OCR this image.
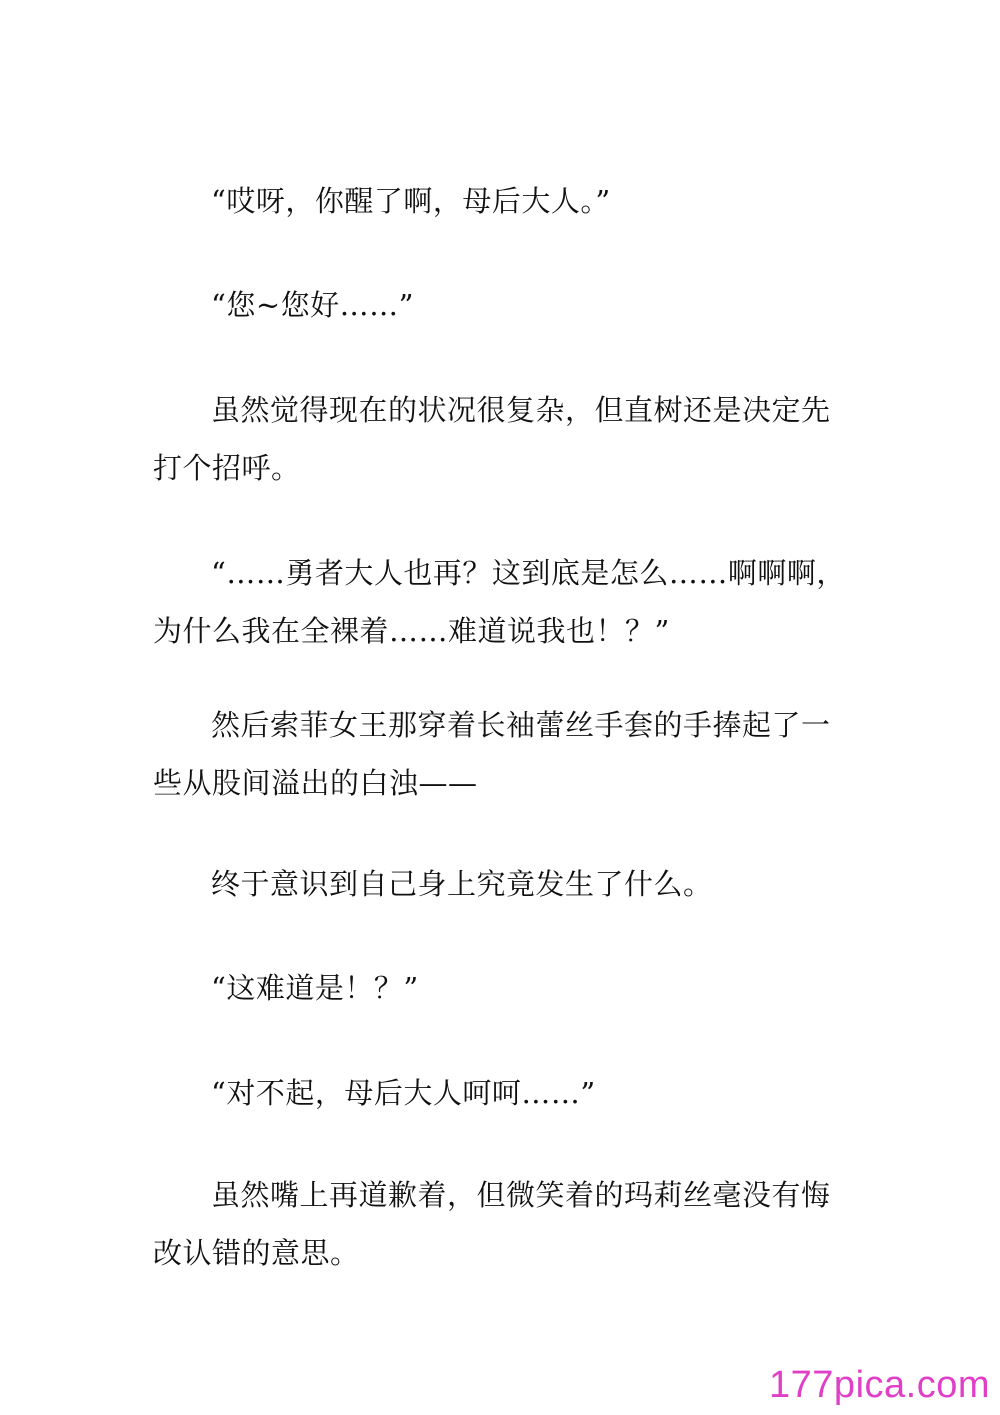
“哎呀，你醒了啊，母后大人。”

“您~您好……”

虽然觉得现在的状况很复杂，但直树还是决定先打个招呼。

“……勇者大人也再？这到底是怎么……啊啊啊，为什么我在全裸着……难道说我也！？”

然后索菲女王那穿着长袖蕾丝手套的手捧起了一些从股间溢出的白浊——

终于意识到自己身上究竟发生了什么。

“这难道是！？”

“对不起，母后大人呵呵……”

虽然嘴上再道歉着，但微笑着的玛莉丝毫没有悔改认错的意思。

177pica.com
